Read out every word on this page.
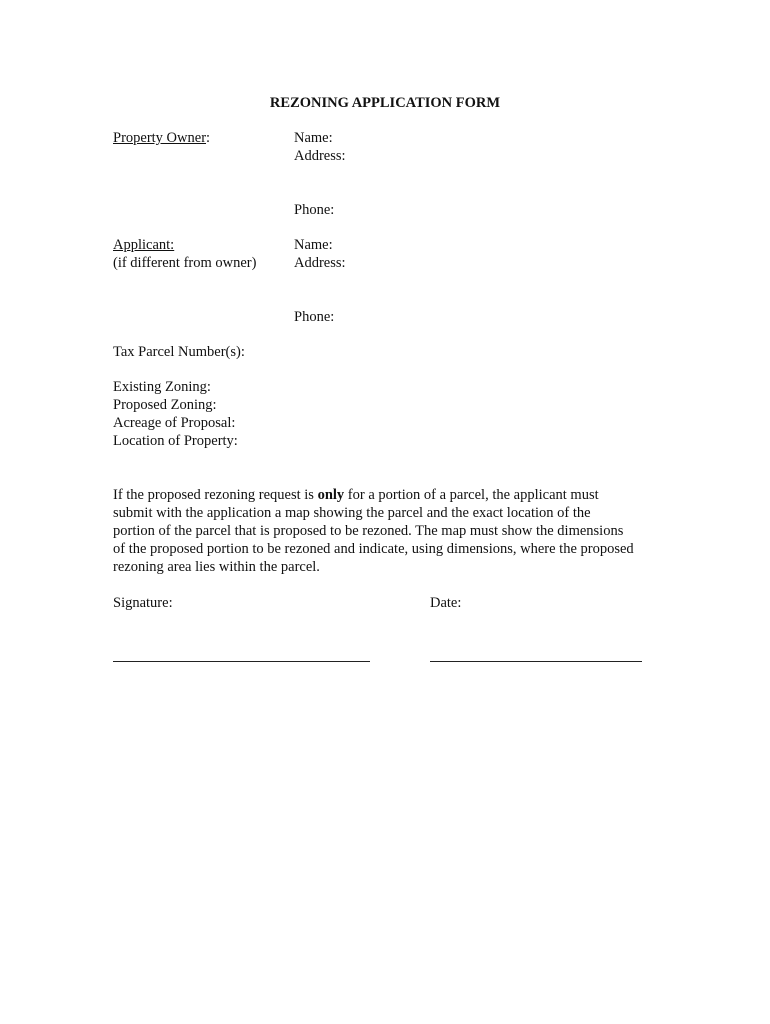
REZONING APPLICATION FORM
Property Owner:	Name:
Address:
Phone:
Applicant:
(if different from owner)
Name:
Address:
Phone:
Tax Parcel Number(s):
Existing Zoning:
Proposed Zoning:
Acreage of Proposal:
Location of Property:

If the proposed rezoning request is only for a portion of a parcel, the applicant must

submit with the application a map showing the parcel and the exact location of the

portion of the parcel that is proposed to be rezoned. The map must show the dimensions

of the proposed portion to be rezoned and indicate, using dimensions, where the proposed

rezoning area lies within the parcel.

Signature:	Date:
